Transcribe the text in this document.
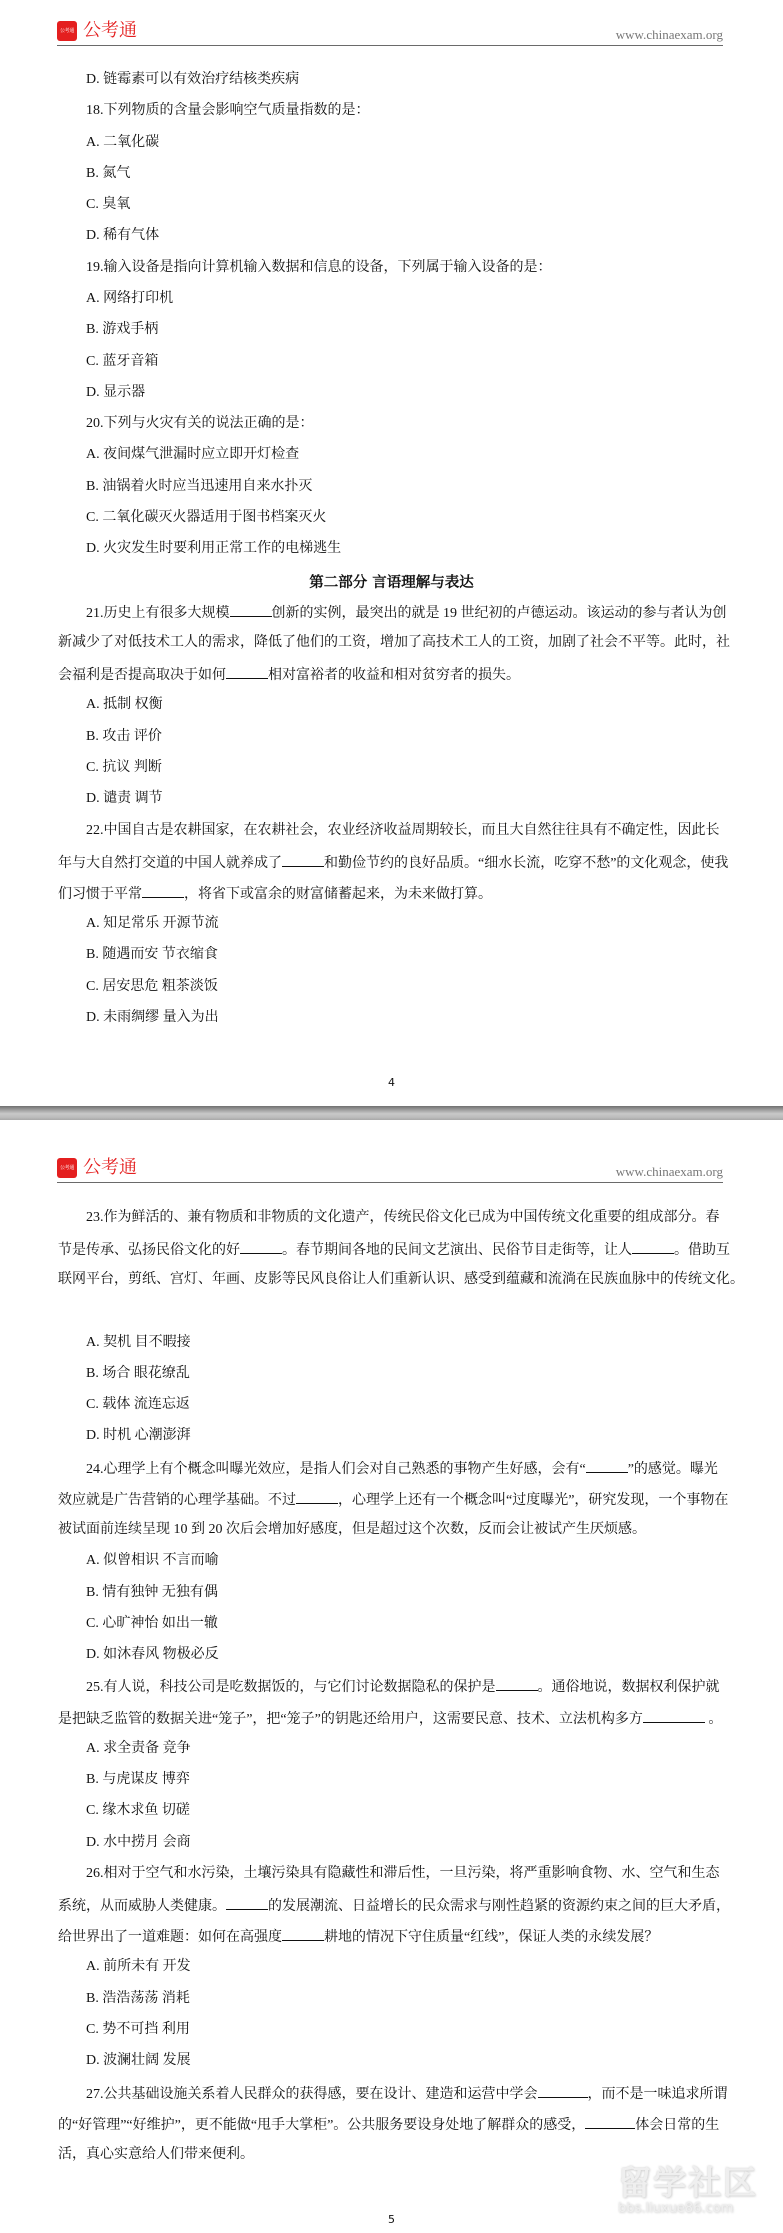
公考通 公考通	www.chinaexam.org
D. 链霉素可以有效治疗结核类疾病
18.下列物质的含量会影响空气质量指数的是：
A. 二氧化碳
B. 氮气
C. 臭氧
D. 稀有气体
19.输入设备是指向计算机输入数据和信息的设备，下列属于输入设备的是：
A. 网络打印机
B. 游戏手柄
C. 蓝牙音箱
D. 显示器
20.下列与火灾有关的说法正确的是：
A. 夜间煤气泄漏时应立即开灯检查
B. 油锅着火时应当迅速用自来水扑灭
C. 二氧化碳灭火器适用于图书档案灭火
D. 火灾发生时要利用正常工作的电梯逃生
第二部分 言语理解与表达
21.历史上有很多大规模	创新的实例，最突出的就是 19 世纪初的卢德运动。该运动的参与者认为创
新减少了对低技术工人的需求，降低了他们的工资，增加了高技术工人的工资，加剧了社会不平等。此时，社
会福利是否提高取决于如何	相对富裕者的收益和相对贫穷者的损失。
A. 抵制 权衡
B. 攻击 评价
C. 抗议 判断
D. 谴责 调节
22.中国自古是农耕国家，在农耕社会，农业经济收益周期较长，而且大自然往往具有不确定性，因此长
年与大自然打交道的中国人就养成了	和勤俭节约的良好品质。“细水长流，吃穿不愁”的文化观念，使我
们习惯于平常	，将省下或富余的财富储蓄起来，为未来做打算。
A. 知足常乐 开源节流
B. 随遇而安 节衣缩食
C. 居安思危 粗茶淡饭
D. 未雨绸缪 量入为出
4
公考通 公考通	www.chinaexam.org
23.作为鲜活的、兼有物质和非物质的文化遗产，传统民俗文化已成为中国传统文化重要的组成部分。春
节是传承、弘扬民俗文化的好	。春节期间各地的民间文艺演出、民俗节目走街等，让人	。借助互
联网平台，剪纸、宫灯、年画、皮影等民风良俗让人们重新认识、感受到蕴藏和流淌在民族血脉中的传统文化。
A. 契机 目不暇接
B. 场合 眼花缭乱
C. 载体 流连忘返
D. 时机 心潮澎湃
24.心理学上有个概念叫曝光效应，是指人们会对自己熟悉的事物产生好感，会有“	”的感觉。曝光
效应就是广告营销的心理学基础。不过	，心理学上还有一个概念叫“过度曝光”，研究发现，一个事物在
被试面前连续呈现 10 到 20 次后会增加好感度，但是超过这个次数，反而会让被试产生厌烦感。
A. 似曾相识 不言而喻
B. 情有独钟 无独有偶
C. 心旷神怡 如出一辙
D. 如沐春风 物极必反
25.有人说，科技公司是吃数据饭的，与它们讨论数据隐私的保护是	。通俗地说，数据权利保护就
是把缺乏监管的数据关进“笼子”，把“笼子”的钥匙还给用户，这需要民意、技术、立法机构多方	。
A. 求全责备 竞争
B. 与虎谋皮 博弈
C. 缘木求鱼 切磋
D. 水中捞月 会商
26.相对于空气和水污染，土壤污染具有隐藏性和滞后性，一旦污染，将严重影响食物、水、空气和生态
系统，从而威胁人类健康。	的发展潮流、日益增长的民众需求与刚性趋紧的资源约束之间的巨大矛盾，
给世界出了一道难题：如何在高强度	耕地的情况下守住质量“红线”，保证人类的永续发展？
A. 前所未有 开发
B. 浩浩荡荡 消耗
C. 势不可挡 利用
D. 波澜壮阔 发展
27.公共基础设施关系着人民群众的获得感，要在设计、建造和运营中学会	，而不是一味追求所谓
的“好管理”“好维护”，更不能做“甩手大掌柜”。公共服务要设身处地了解群众的感受，	体会日常的生
活，真心实意给人们带来便利。
5
留学社区
bbs.liuxue86.com
